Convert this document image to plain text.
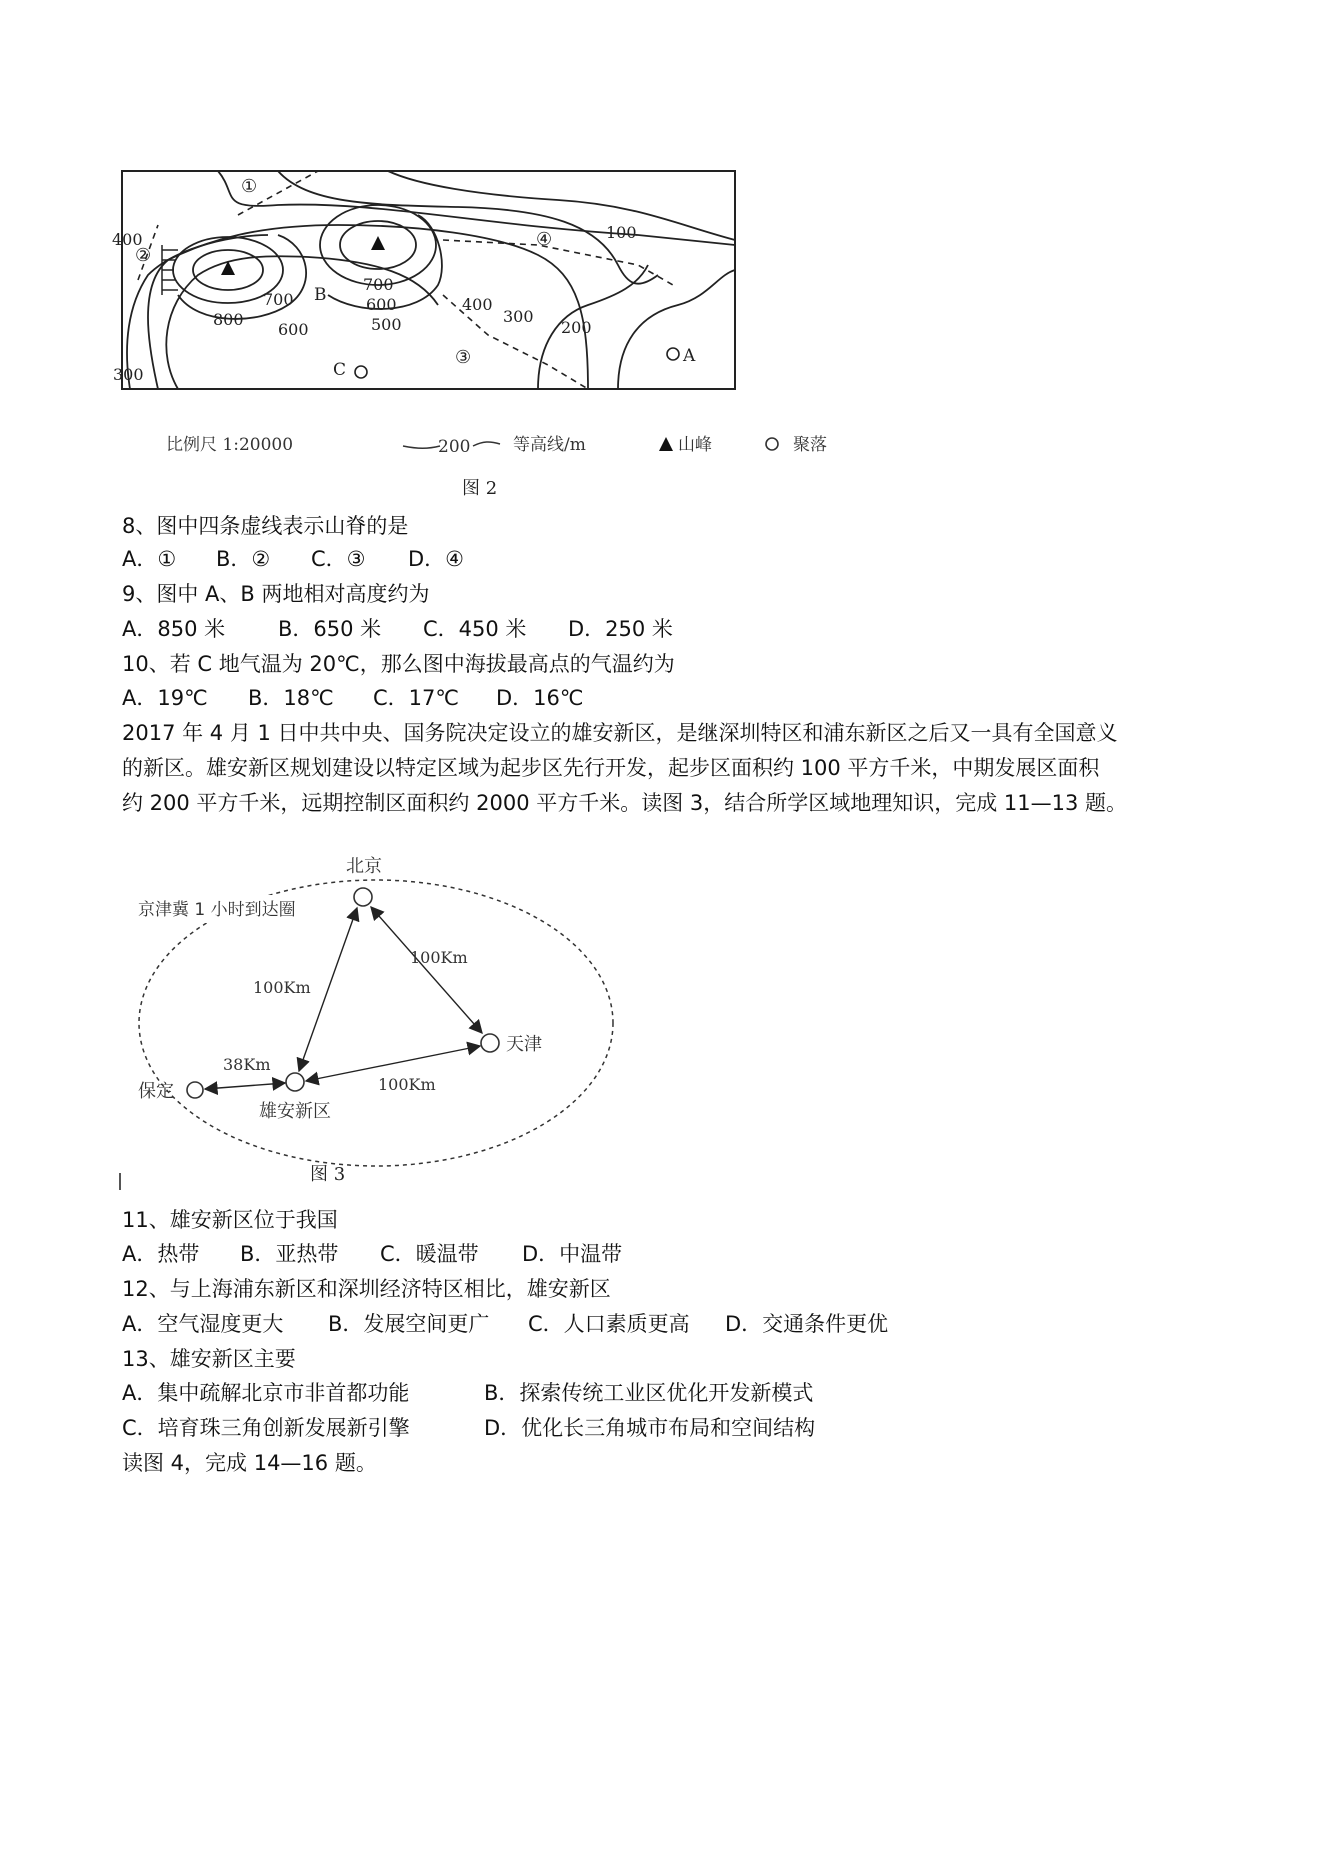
①
②
③
④	100
400
300
800
700
600
700
600
500
400
300
200
B
C
A
比例尺 1:20000	200	等高线/m	山峰	聚落
图 2
8、图中四条虚线表示山脊的是
A．① B．② C．③ D．④
9、图中 A、B 两地相对高度约为
A．850 米	B．650 米 C．450 米 D．250 米
10、若 C 地气温为 20℃，那么图中海拔最高点的气温约为
A．19℃ B．18℃ C．17℃ D．16℃
2017 年 4 月 1 日中共中央、国务院决定设立的雄安新区，是继深圳特区和浦东新区之后又一具有全国意义
的新区。雄安新区规划建设以特定区域为起步区先行开发，起步区面积约 100 平方千米，中期发展区面积
约 200 平方千米，远期控制区面积约 2000 平方千米。读图 3，结合所学区域地理知识，完成 11—13 题。
京津冀 1 小时到达圈
北京
天津
雄安新区
保定
100Km
100Km
100Km
38Km
图 3
11、雄安新区位于我国
A．热带 B．亚热带 C．暖温带 D．中温带
12、与上海浦东新区和深圳经济特区相比，雄安新区
A．空气湿度更大 B．发展空间更广 C．人口素质更高 D．交通条件更优
13、雄安新区主要
A．集中疏解北京市非首都功能	B．探索传统工业区优化开发新模式
C．培育珠三角创新发展新引擎	D．优化长三角城市布局和空间结构
读图 4，完成 14—16 题。
